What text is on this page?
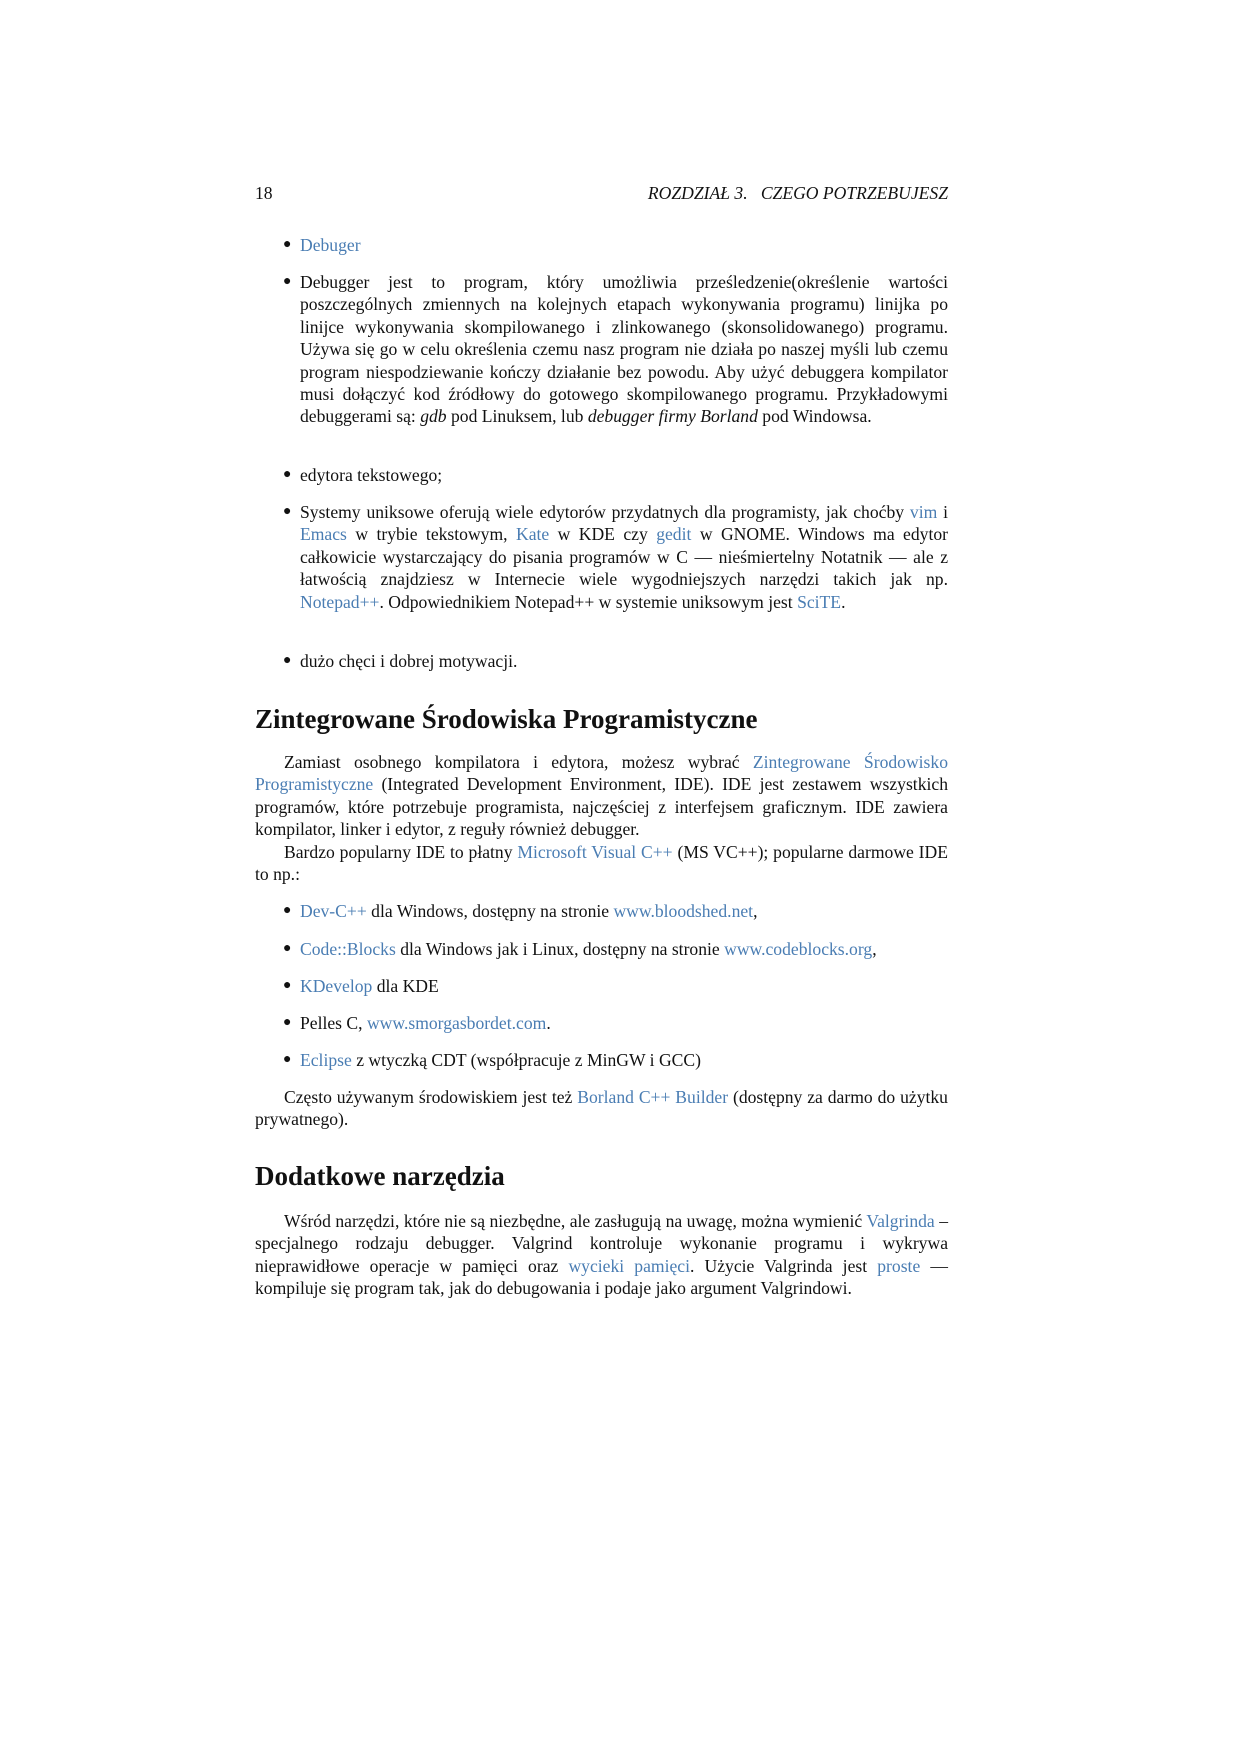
18	ROZDZIAŁ 3.   CZEGO POTRZEBUJESZ
● Debuger
● Debugger jest to program, który umożliwia prześledzenie(określenie wartości poszczególnych zmiennych na kolejnych etapach wykonywania programu) linijka po linijce wykonywania skompilowanego i zlinkowanego (skonsolidowanego) programu. Używa się go w celu określenia czemu nasz program nie działa po naszej myśli lub czemu program niespodziewanie kończy działanie bez powodu. Aby użyć debuggera kompilator musi dołączyć kod źródłowy do gotowego skompilowanego programu. Przykładowymi debuggerami są: gdb pod Linuksem, lub debugger firmy Borland pod Windowsa.
● edytora tekstowego;
● Systemy uniksowe oferują wiele edytorów przydatnych dla programisty, jak choćby vim i Emacs w trybie tekstowym, Kate w KDE czy gedit w GNOME. Windows ma edytor całkowicie wystarczający do pisania programów w C — nieśmiertelny Notatnik — ale z łatwością znajdziesz w Internecie wiele wygodniejszych narzędzi takich jak np. Notepad++. Odpowiednikiem Notepad++ w systemie uniksowym jest SciTE.
● dużo chęci i dobrej motywacji.
Zintegrowane Środowiska Programistyczne
Zamiast osobnego kompilatora i edytora, możesz wybrać Zintegrowane Środowisko Programistyczne (Integrated Development Environment, IDE). IDE jest zestawem wszystkich programów, które potrzebuje programista, najczęściej z interfejsem graficznym. IDE zawiera kompilator, linker i edytor, z reguły również debugger.
Bardzo popularny IDE to płatny Microsoft Visual C++ (MS VC++); popularne darmowe IDE to np.:
● Dev-C++ dla Windows, dostępny na stronie www.bloodshed.net,
● Code::Blocks dla Windows jak i Linux, dostępny na stronie www.codeblocks.org,
● KDevelop dla KDE
● Pelles C, www.smorgasbordet.com.
● Eclipse z wtyczką CDT (współpracuje z MinGW i GCC)
Często używanym środowiskiem jest też Borland C++ Builder (dostępny za darmo do użytku prywatnego).
Dodatkowe narzędzia
Wśród narzędzi, które nie są niezbędne, ale zasługują na uwagę, można wymienić Valgrinda – specjalnego rodzaju debugger. Valgrind kontroluje wykonanie programu i wykrywa nieprawidłowe operacje w pamięci oraz wycieki pamięci. Użycie Valgrinda jest proste — kompiluje się program tak, jak do debugowania i podaje jako argument Valgrindowi.
